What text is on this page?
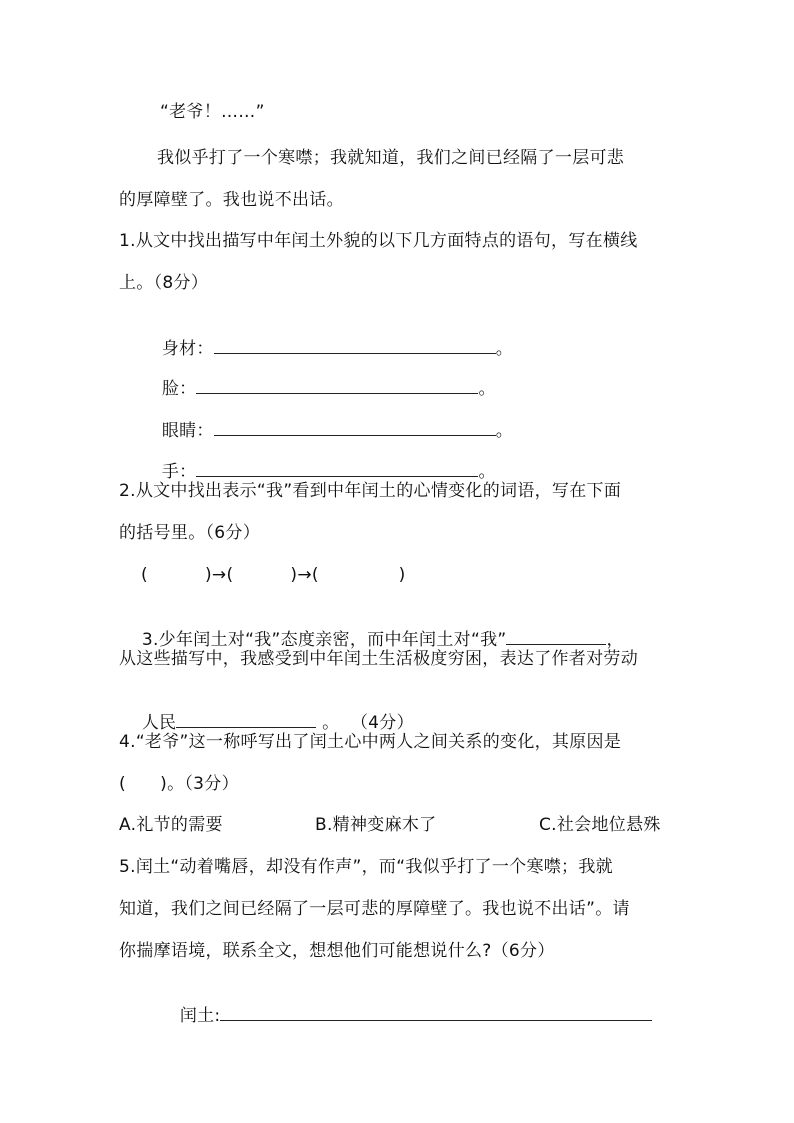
“老爷！……”
我似乎打了一个寒噤；我就知道，我们之间已经隔了一层可悲
的厚障壁了。我也说不出话。
1.从文中找出描写中年闰土外貌的以下几方面特点的语句，写在横线
上。（8分）

身材：	。

脸：	。

眼睛：	。

手：	。

2.从文中找出表示“我”看到中年闰土的心情变化的词语，写在下面
的括号里。（6分）
(          )→(          )→(              )

3.少年闰土对“我”态度亲密，而中年闰土对“我”	，

从这些描写中，我感受到中年闰土生活极度穷困，表达了作者对劳动

人民	。  （4分）

4.“老爷”这一称呼写出了闰土心中两人之间关系的变化，其原因是
(      )。（3分）
A.礼节的需要	B.精神变麻木了	C.社会地位悬殊
5.闰土“动着嘴唇，却没有作声”，而“我似乎打了一个寒噤；我就
知道，我们之间已经隔了一层可悲的厚障壁了。我也说不出话”。请
你揣摩语境，联系全文，想想他们可能想说什么?（6分）

闰土:
